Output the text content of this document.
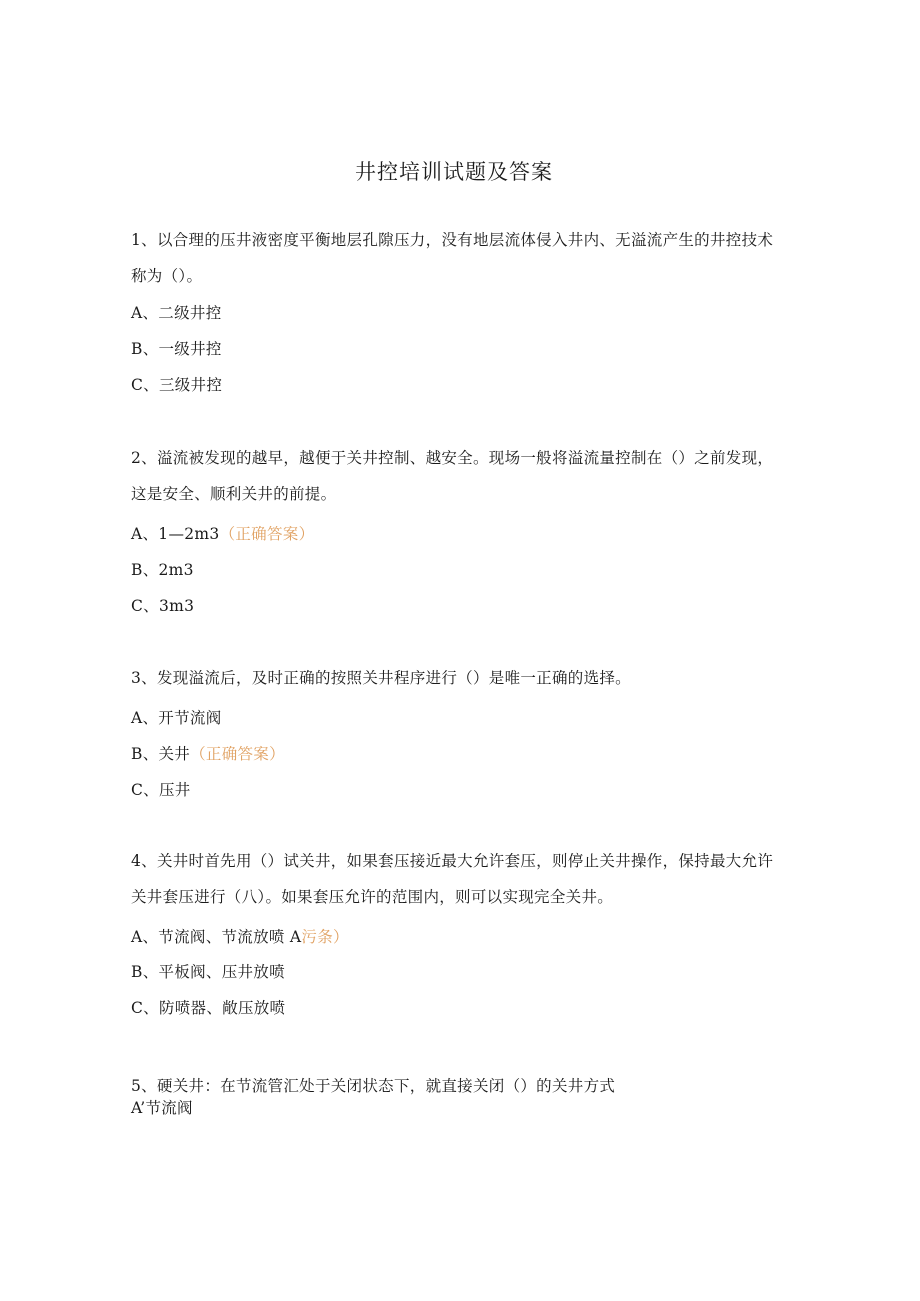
井控培训试题及答案
1、以合理的压井液密度平衡地层孔隙压力，没有地层流体侵入井内、无溢流产生的井控技术称为（）。
A、二级井控
B、一级井控
C、三级井控
2、溢流被发现的越早，越便于关井控制、越安全。现场一般将溢流量控制在（）之前发现，这是安全、顺利关井的前提。
A、1—2m3（正确答案）
B、2m3
C、3m3
3、发现溢流后，及时正确的按照关井程序进行（）是唯一正确的选择。
A、开节流阀
B、关井（正确答案）
C、压井
4、关井时首先用（）试关井，如果套压接近最大允许套压，则停止关井操作，保持最大允许关井套压进行（八）。如果套压允许的范围内，则可以实现完全关井。
A、节流阀、节流放喷 A污条）
B、平板阀、压井放喷
C、防喷器、敞压放喷
5、硬关井：在节流管汇处于关闭状态下，就直接关闭（）的关井方式
A’节流阀
